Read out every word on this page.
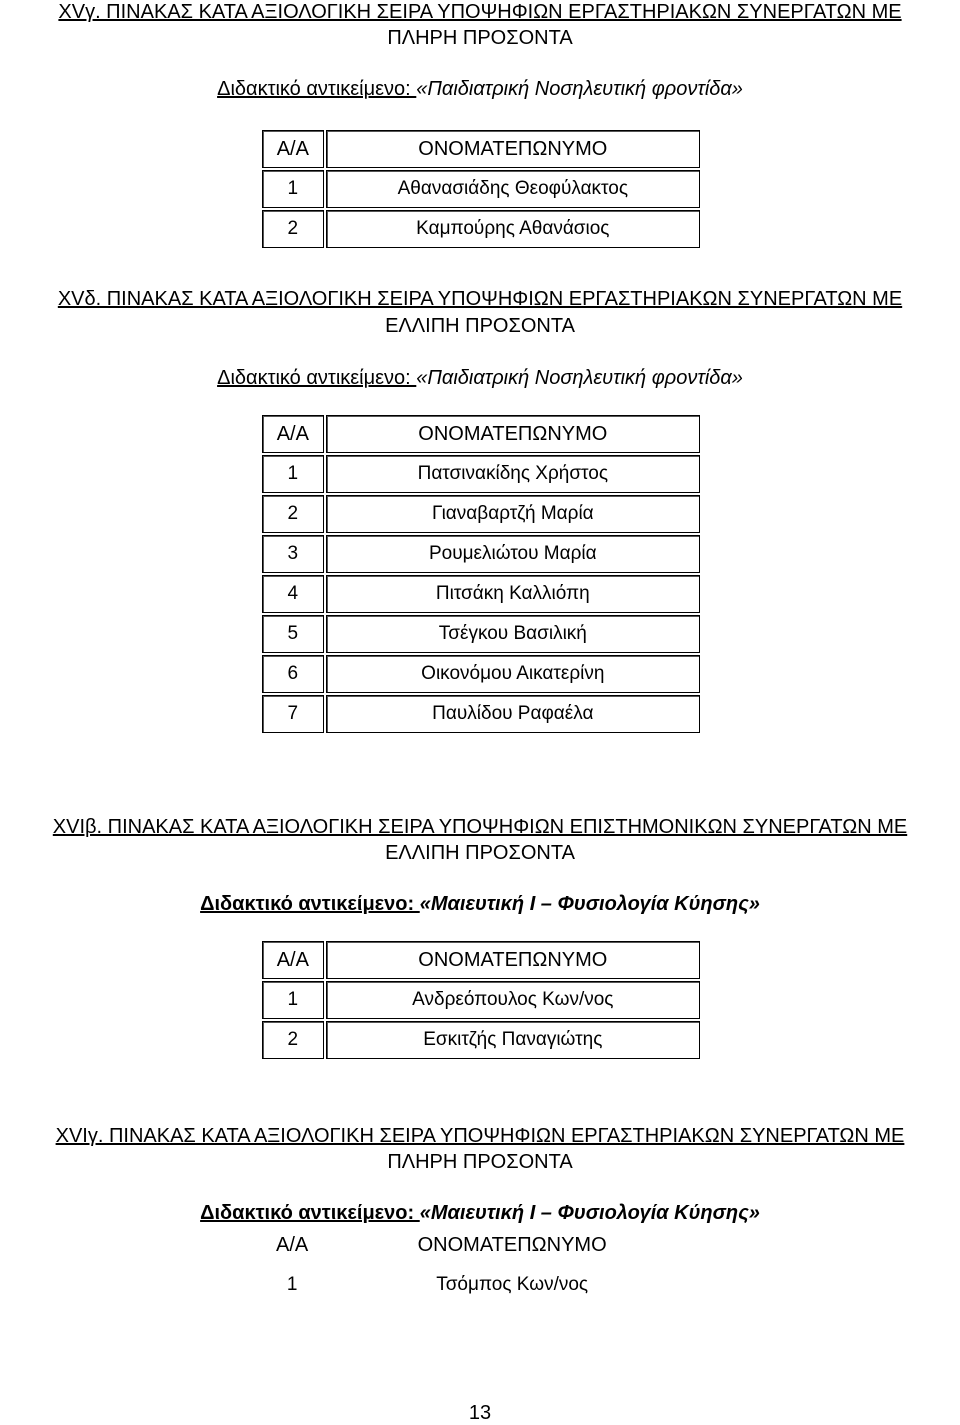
XVγ. ΠΙΝΑΚΑΣ ΚΑΤΑ ΑΞΙΟΛΟΓΙΚΗ ΣΕΙΡΑ ΥΠΟΨΗΦΙΩΝ ΕΡΓΑΣΤΗΡΙΑΚΩΝ ΣΥΝΕΡΓΑΤΩΝ ΜΕ
ΠΛΗΡΗ ΠΡΟΣΟΝΤΑ
Διδακτικό αντικείμενο: «Παιδιατρική Νοσηλευτική φροντίδα»
Α/Α	ΟΝΟΜΑΤΕΠΩΝΥΜΟ
1	Αθανασιάδης Θεοφύλακτος
2	Καμπούρης Αθανάσιος
XVδ. ΠΙΝΑΚΑΣ ΚΑΤΑ ΑΞΙΟΛΟΓΙΚΗ ΣΕΙΡΑ ΥΠΟΨΗΦΙΩΝ ΕΡΓΑΣΤΗΡΙΑΚΩΝ ΣΥΝΕΡΓΑΤΩΝ ΜΕ
ΕΛΛΙΠΗ ΠΡΟΣΟΝΤΑ
Διδακτικό αντικείμενο: «Παιδιατρική Νοσηλευτική φροντίδα»
Α/Α	ΟΝΟΜΑΤΕΠΩΝΥΜΟ
1	Πατσινακίδης Χρήστος
2	Γιαναβαρτζή Μαρία
3	Ρουμελιώτου Μαρία
4	Πιτσάκη Καλλιόπη
5	Τσέγκου Βασιλική
6	Οικονόμου Αικατερίνη
7	Παυλίδου Ραφαέλα
XVIβ. ΠΙΝΑΚΑΣ ΚΑΤΑ ΑΞΙΟΛΟΓΙΚΗ ΣΕΙΡΑ ΥΠΟΨΗΦΙΩΝ ΕΠΙΣΤΗΜΟΝΙΚΩΝ ΣΥΝΕΡΓΑΤΩΝ ΜΕ
ΕΛΛΙΠΗ ΠΡΟΣΟΝΤΑ
Διδακτικό αντικείμενο: «Μαιευτική Ι – Φυσιολογία Κύησης»
Α/Α	ΟΝΟΜΑΤΕΠΩΝΥΜΟ
1	Ανδρεόπουλος Κων/νος
2	Εσκιτζής Παναγιώτης
XVIγ. ΠΙΝΑΚΑΣ ΚΑΤΑ ΑΞΙΟΛΟΓΙΚΗ ΣΕΙΡΑ ΥΠΟΨΗΦΙΩΝ ΕΡΓΑΣΤΗΡΙΑΚΩΝ ΣΥΝΕΡΓΑΤΩΝ ΜΕ
ΠΛΗΡΗ ΠΡΟΣΟΝΤΑ
Διδακτικό αντικείμενο: «Μαιευτική Ι – Φυσιολογία Κύησης»
Α/Α	ΟΝΟΜΑΤΕΠΩΝΥΜΟ
1	Τσόμπος Κων/νος
13
